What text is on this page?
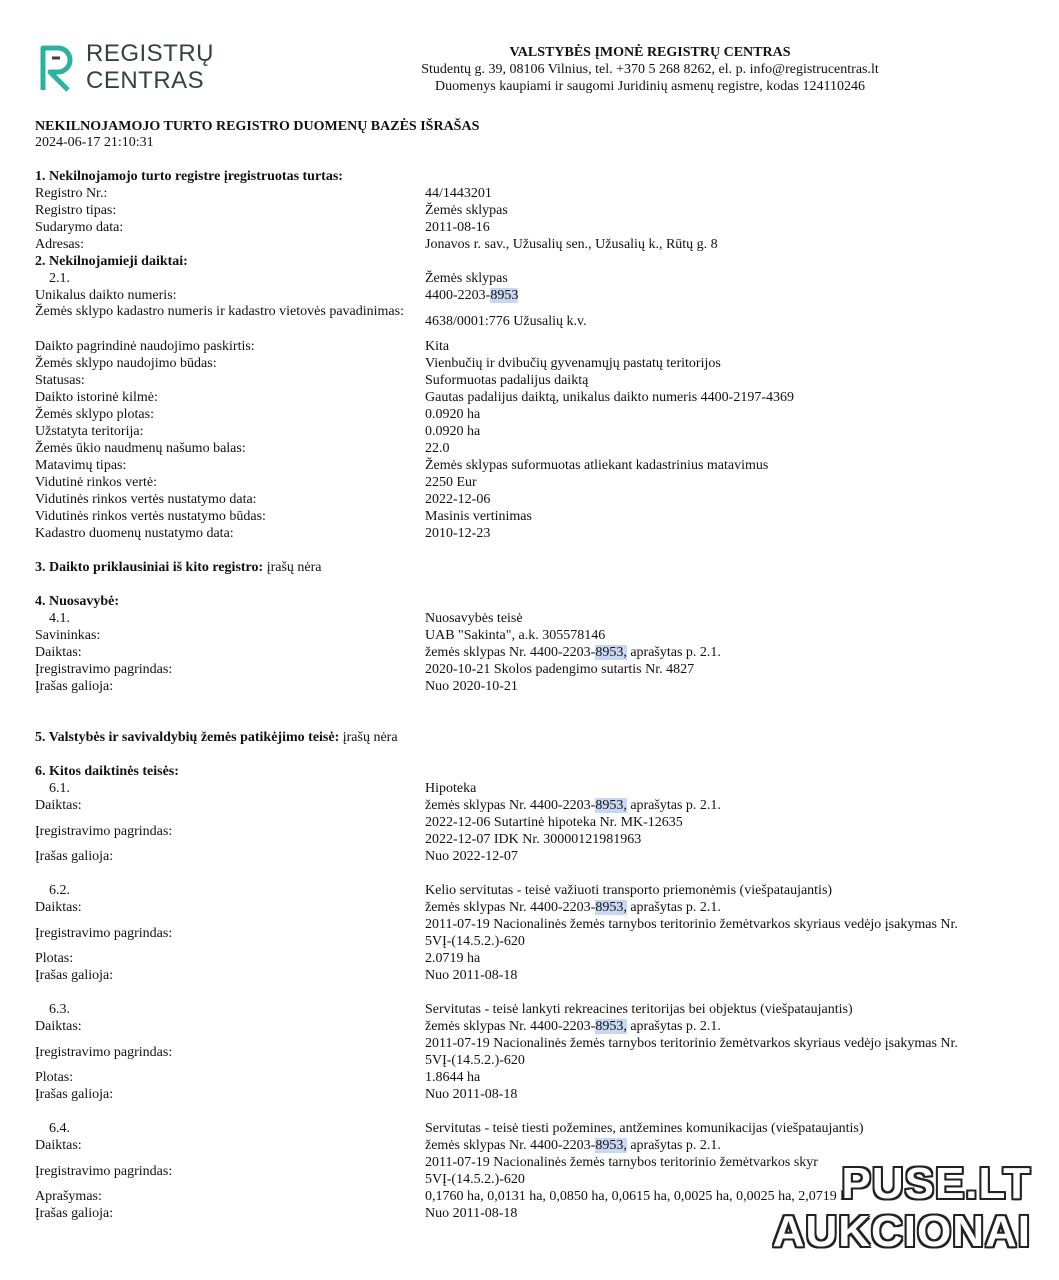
REGISTRŲ
CENTRAS
VALSTYBĖS ĮMONĖ REGISTRŲ CENTRAS
Studentų g. 39, 08106 Vilnius, tel. +370 5 268 8262, el. p. info@registrucentras.lt
Duomenys kaupiami ir saugomi Juridinių asmenų registre, kodas 124110246
NEKILNOJAMOJO TURTO REGISTRO DUOMENŲ BAZĖS IŠRAŠAS
2024-06-17 21:10:31
1. Nekilnojamojo turto registre įregistruotas turtas:
Registro Nr.:	44/1443201
Registro tipas:	Žemės sklypas
Sudarymo data:	2011-08-16
Adresas:	Jonavos r. sav., Užusalių sen., Užusalių k., Rūtų g. 8
2. Nekilnojamieji daiktai:
2.1.	Žemės sklypas
Unikalus daikto numeris:	4400-2203-8953
Žemės sklypo kadastro numeris ir kadastro vietovės pavadinimas:
4638/0001:776 Užusalių k.v.
Daikto pagrindinė naudojimo paskirtis:	Kita
Žemės sklypo naudojimo būdas:	Vienbučių ir dvibučių gyvenamųjų pastatų teritorijos
Statusas:	Suformuotas padalijus daiktą
Daikto istorinė kilmė:	Gautas padalijus daiktą, unikalus daikto numeris 4400-2197-4369
Žemės sklypo plotas:	0.0920 ha
Užstatyta teritorija:	0.0920 ha
Žemės ūkio naudmenų našumo balas:	22.0
Matavimų tipas:	Žemės sklypas suformuotas atliekant kadastrinius matavimus
Vidutinė rinkos vertė:	2250 Eur
Vidutinės rinkos vertės nustatymo data:	2022-12-06
Vidutinės rinkos vertės nustatymo būdas:	Masinis vertinimas
Kadastro duomenų nustatymo data:	2010-12-23
3. Daikto priklausiniai iš kito registro: įrašų nėra
4. Nuosavybė:
4.1.	Nuosavybės teisė
Savininkas:	UAB "Sakinta", a.k. 305578146
Daiktas:	žemės sklypas Nr. 4400-2203-8953, aprašytas p. 2.1.
Įregistravimo pagrindas:	2020-10-21 Skolos padengimo sutartis Nr. 4827
Įrašas galioja:	Nuo 2020-10-21
5. Valstybės ir savivaldybių žemės patikėjimo teisė: įrašų nėra
6. Kitos daiktinės teisės:
6.1.	Hipoteka
Daiktas:	žemės sklypas Nr. 4400-2203-8953, aprašytas p. 2.1.
Įregistravimo pagrindas:
2022-12-06 Sutartinė hipoteka Nr. MK-12635
2022-12-07 IDK Nr. 30000121981963
Įrašas galioja:	Nuo 2022-12-07
6.2.	Kelio servitutas - teisė važiuoti transporto priemonėmis (viešpataujantis)
Daiktas:	žemės sklypas Nr. 4400-2203-8953, aprašytas p. 2.1.
Įregistravimo pagrindas:
2011-07-19 Nacionalinės žemės tarnybos teritorinio žemėtvarkos skyriaus vedėjo įsakymas Nr.
5VĮ-(14.5.2.)-620
Plotas:	2.0719 ha
Įrašas galioja:	Nuo 2011-08-18
6.3.	Servitutas - teisė lankyti rekreacines teritorijas bei objektus (viešpataujantis)
Daiktas:	žemės sklypas Nr. 4400-2203-8953, aprašytas p. 2.1.
Įregistravimo pagrindas:
2011-07-19 Nacionalinės žemės tarnybos teritorinio žemėtvarkos skyriaus vedėjo įsakymas Nr.
5VĮ-(14.5.2.)-620
Plotas:	1.8644 ha
Įrašas galioja:	Nuo 2011-08-18
6.4.	Servitutas - teisė tiesti požemines, antžemines komunikacijas (viešpataujantis)
Daiktas:	žemės sklypas Nr. 4400-2203-8953, aprašytas p. 2.1.
Įregistravimo pagrindas:
2011-07-19 Nacionalinės žemės tarnybos teritorinio žemėtvarkos skyr
5VĮ-(14.5.2.)-620
Aprašymas:	0,1760 ha, 0,0131 ha, 0,0850 ha, 0,0615 ha, 0,0025 ha, 0,0025 ha, 2,0719 ha
Įrašas galioja:	Nuo 2011-08-18
PUSE.LT
AUKCIONAI
